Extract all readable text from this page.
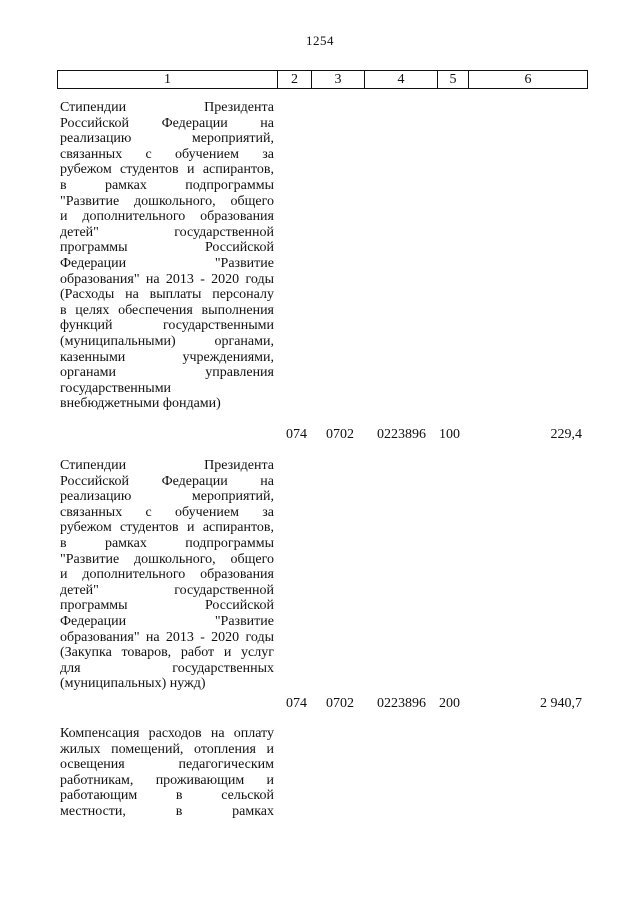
1254
1	2	3	4	5	6
Стипендии Президента
Российской Федерации на
реализацию мероприятий,
связанных с обучением за
рубежом студентов и аспирантов,
в рамках подпрограммы
"Развитие дошкольного, общего
и дополнительного образования
детей" государственной
программы Российской
Федерации "Развитие
образования" на 2013 - 2020 годы
(Расходы на выплаты персоналу
в целях обеспечения выполнения
функций государственными
(муниципальными) органами,
казенными учреждениями,
органами управления
государственными
внебюджетными фондами)
074 0702 0223896 100	229,4
Стипендии Президента
Российской Федерации на
реализацию мероприятий,
связанных с обучением за
рубежом студентов и аспирантов,
в рамках подпрограммы
"Развитие дошкольного, общего
и дополнительного образования
детей" государственной
программы Российской
Федерации "Развитие
образования" на 2013 - 2020 годы
(Закупка товаров, работ и услуг
для государственных
(муниципальных) нужд)
074 0702 0223896 200	2 940,7
Компенсация расходов на оплату
жилых помещений, отопления и
освещения педагогическим
работникам, проживающим и
работающим в сельской
местности, в рамках
